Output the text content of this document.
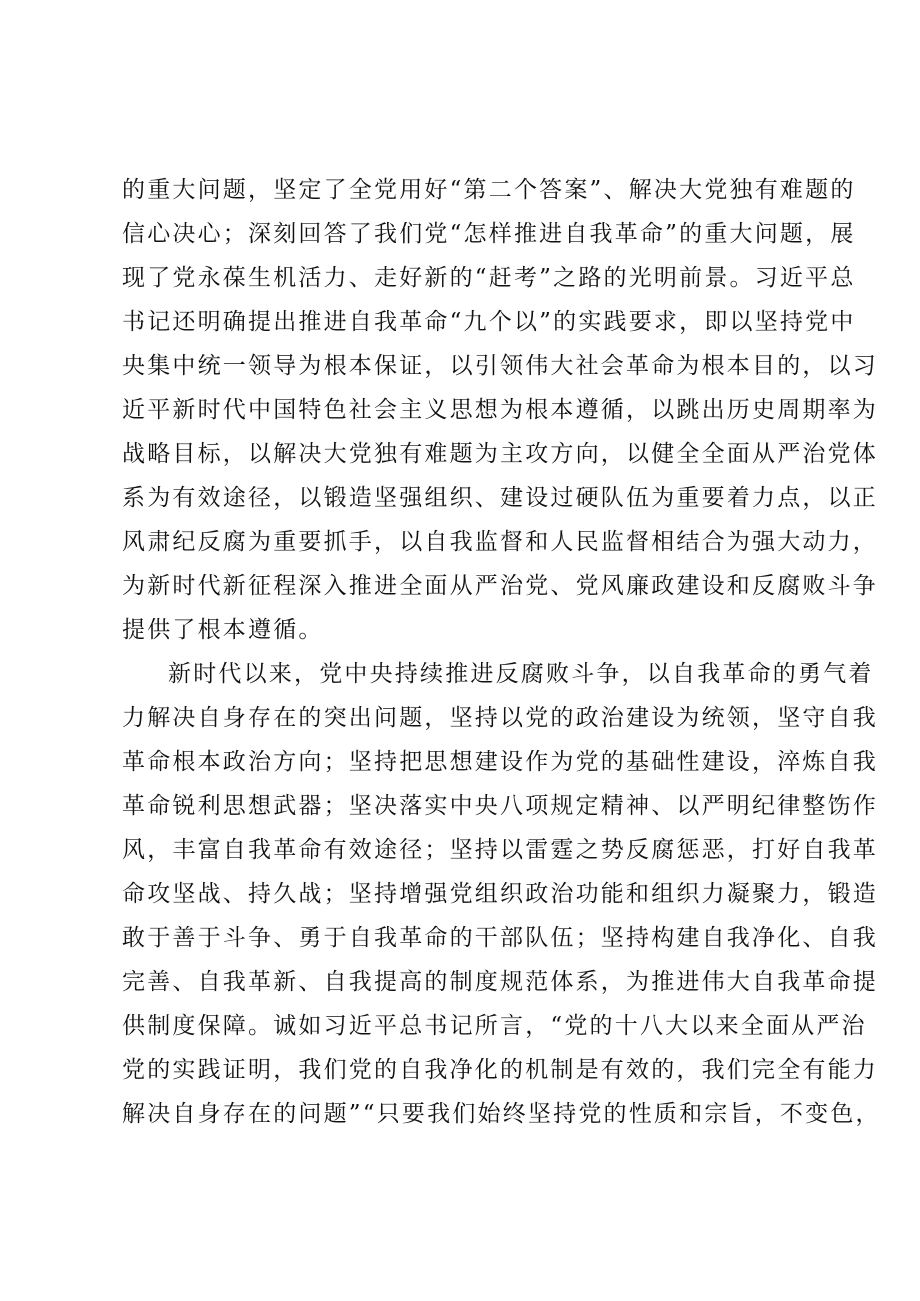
的重大问题，坚定了全党用好“第二个答案”、解决大党独有难题的
信心决心；深刻回答了我们党“怎样推进自我革命”的重大问题，展
现了党永葆生机活力、走好新的“赶考”之路的光明前景。习近平总
书记还明确提出推进自我革命“九个以”的实践要求，即以坚持党中
央集中统一领导为根本保证，以引领伟大社会革命为根本目的，以习
近平新时代中国特色社会主义思想为根本遵循，以跳出历史周期率为
战略目标，以解决大党独有难题为主攻方向，以健全全面从严治党体
系为有效途径，以锻造坚强组织、建设过硬队伍为重要着力点，以正
风肃纪反腐为重要抓手，以自我监督和人民监督相结合为强大动力，
为新时代新征程深入推进全面从严治党、党风廉政建设和反腐败斗争
提供了根本遵循。
新时代以来，党中央持续推进反腐败斗争，以自我革命的勇气着
力解决自身存在的突出问题，坚持以党的政治建设为统领，坚守自我
革命根本政治方向；坚持把思想建设作为党的基础性建设，淬炼自我
革命锐利思想武器；坚决落实中央八项规定精神、以严明纪律整饬作
风，丰富自我革命有效途径；坚持以雷霆之势反腐惩恶，打好自我革
命攻坚战、持久战；坚持增强党组织政治功能和组织力凝聚力，锻造
敢于善于斗争、勇于自我革命的干部队伍；坚持构建自我净化、自我
完善、自我革新、自我提高的制度规范体系，为推进伟大自我革命提
供制度保障。诚如习近平总书记所言，“党的十八大以来全面从严治
党的实践证明，我们党的自我净化的机制是有效的，我们完全有能力
解决自身存在的问题”“只要我们始终坚持党的性质和宗旨，不变色，
